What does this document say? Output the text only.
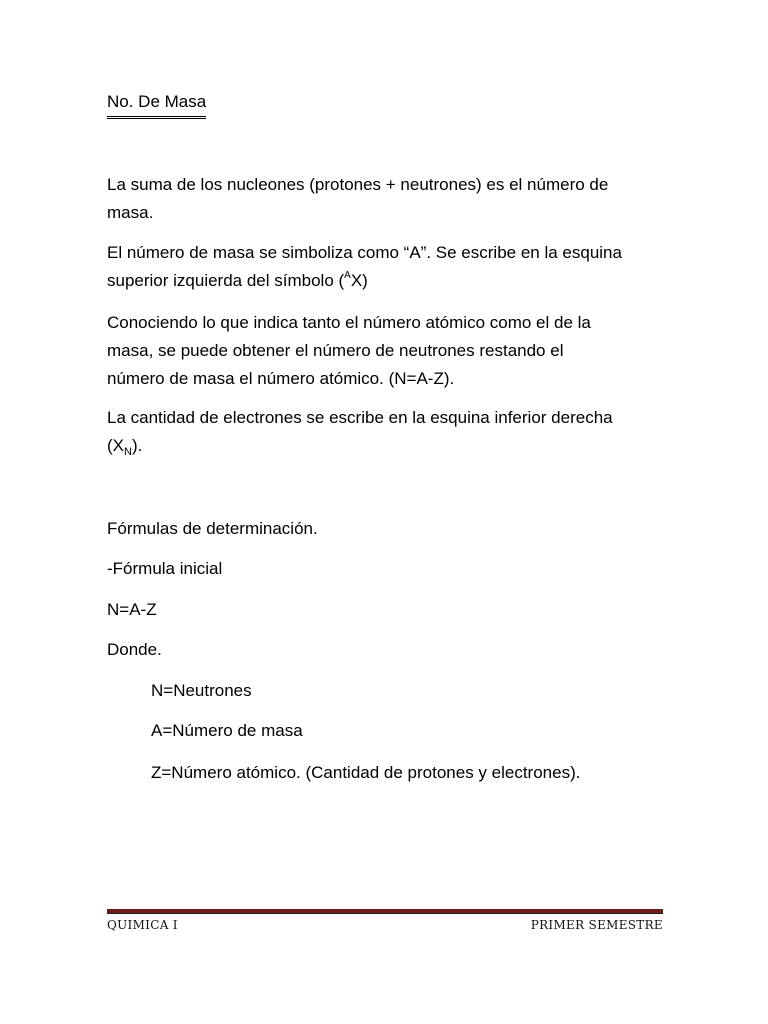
No. De Masa
La suma de los nucleones (protones + neutrones) es el número de
masa.
El número de masa se simboliza como “A”. Se escribe en la esquina
superior izquierda del símbolo ($^A$X)
Conociendo lo que indica tanto el número atómico como el de la
masa, se puede obtener el número de neutrones restando el
número de masa el número atómico. (N=A-Z).
La cantidad de electrones se escribe en la esquina inferior derecha
$(X_N)$.
Fórmulas de determinación.
-Fórmula inicial
N=A-Z
Donde.
N=Neutrones
A=Número de masa
Z=Número atómico. (Cantidad de protones y electrones).
QUIMICA I	PRIMER SEMESTRE
